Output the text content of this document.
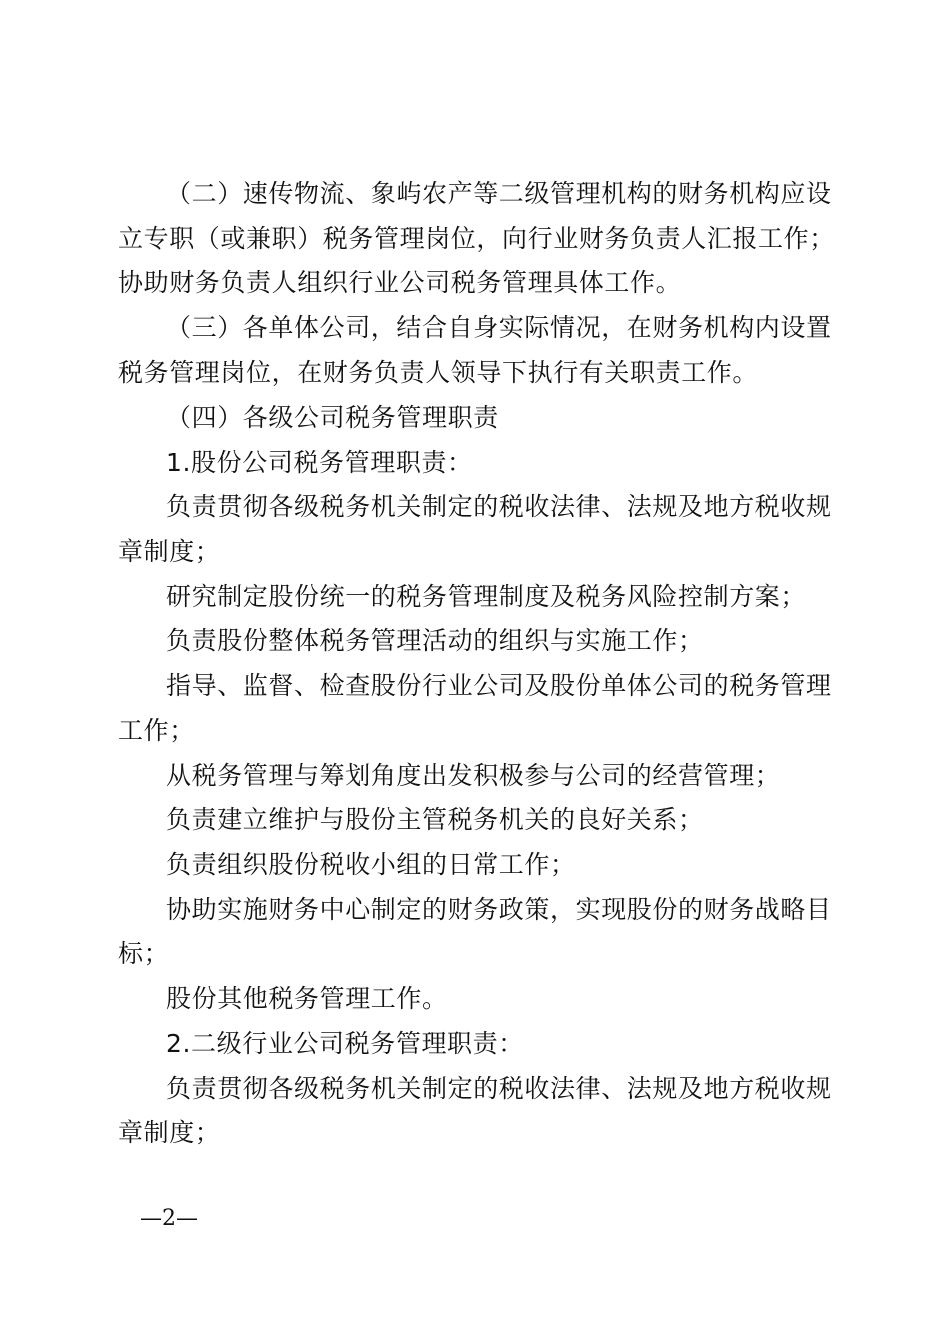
（二）速传物流、象屿农产等二级管理机构的财务机构应设
立专职（或兼职）税务管理岗位，向行业财务负责人汇报工作；
协助财务负责人组织行业公司税务管理具体工作。
（三）各单体公司，结合自身实际情况，在财务机构内设置
税务管理岗位，在财务负责人领导下执行有关职责工作。
（四）各级公司税务管理职责
1.股份公司税务管理职责：
负责贯彻各级税务机关制定的税收法律、法规及地方税收规
章制度；
研究制定股份统一的税务管理制度及税务风险控制方案；
负责股份整体税务管理活动的组织与实施工作；
指导、监督、检查股份行业公司及股份单体公司的税务管理
工作；
从税务管理与筹划角度出发积极参与公司的经营管理；
负责建立维护与股份主管税务机关的良好关系；
负责组织股份税收小组的日常工作；
协助实施财务中心制定的财务政策，实现股份的财务战略目
标；
股份其他税务管理工作。
2.二级行业公司税务管理职责：
负责贯彻各级税务机关制定的税收法律、法规及地方税收规
章制度；
—2—
